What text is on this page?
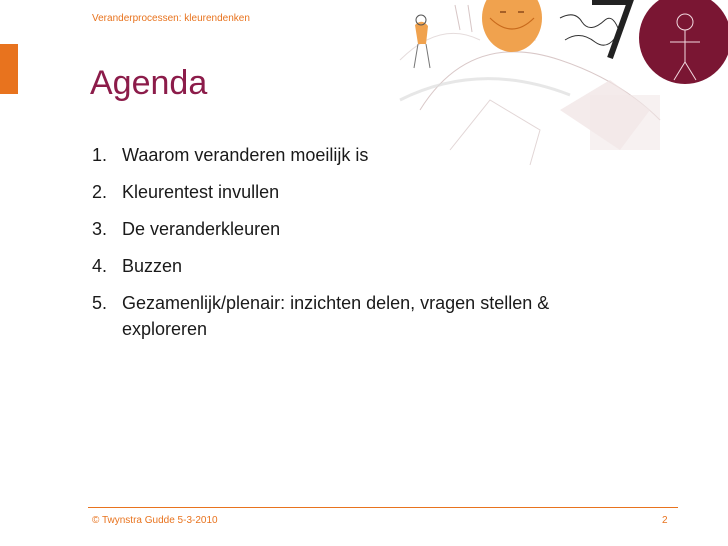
Veranderprocessen: kleurendenken
Agenda
1. Waarom veranderen moeilijk is
2. Kleurentest invullen
3. De veranderkleuren
4. Buzzen
5. Gezamenlijk/plenair: inzichten delen, vragen stellen & exploreren
© Twynstra Gudde 5-3-2010	2
